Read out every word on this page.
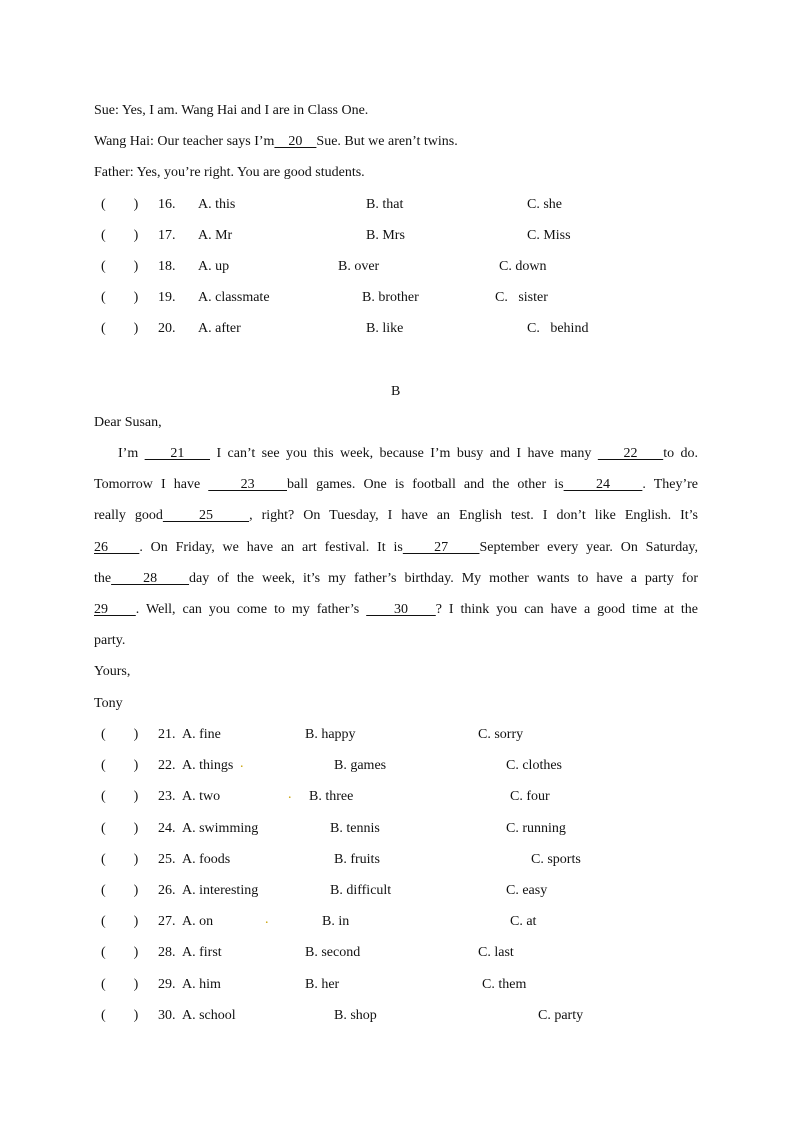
Sue: Yes, I am. Wang Hai and I are in Class One.
Wang Hai: Our teacher says I’m    20    Sue. But we aren’t twins.
Father: Yes, you’re right. You are good students.
(        ) 16. A. this	B. that	C. she
(        ) 17. A. Mr	B. Mrs	C. Miss
(        ) 18. A. up	B. over	C. down
(        ) 19. A. classmate	B. brother	C.   sister
(        ) 20. A. after	B. like	C.   behind
B
Dear Susan,
I’m     21     I can’t see you this week, because I’m busy and I have many     22    to do.
Tomorrow I have     23    ball games. One is football and the other is    24    . They’re
really good    25    , right? On Tuesday, I have an English test. I don’t like English. It’s
26    . On Friday, we have an art festival. It is    27    September every year. On Saturday,
the    28    day of the week, it’s my father’s birthday. My mother wants to have a party for
29    . Well, can you come to my father’s     30    ? I think you can have a good time at the
party.
Yours,
Tony
(        ) 21. A. fine	B. happy	C. sorry
(        ) 22. A. things .	B. games	C. clothes
(        ) 23. A. two	. B. three	C. four
(        ) 24. A. swimming	B. tennis	C. running
(        ) 25. A. foods	B. fruits	C. sports
(        ) 26. A. interesting	B. difficult	C. easy
(        ) 27. A. on	.	B. in	C. at
(        ) 28. A. first	B. second	C. last
(        ) 29. A. him	B. her	C. them
(        ) 30. A. school	B. shop	C. party
